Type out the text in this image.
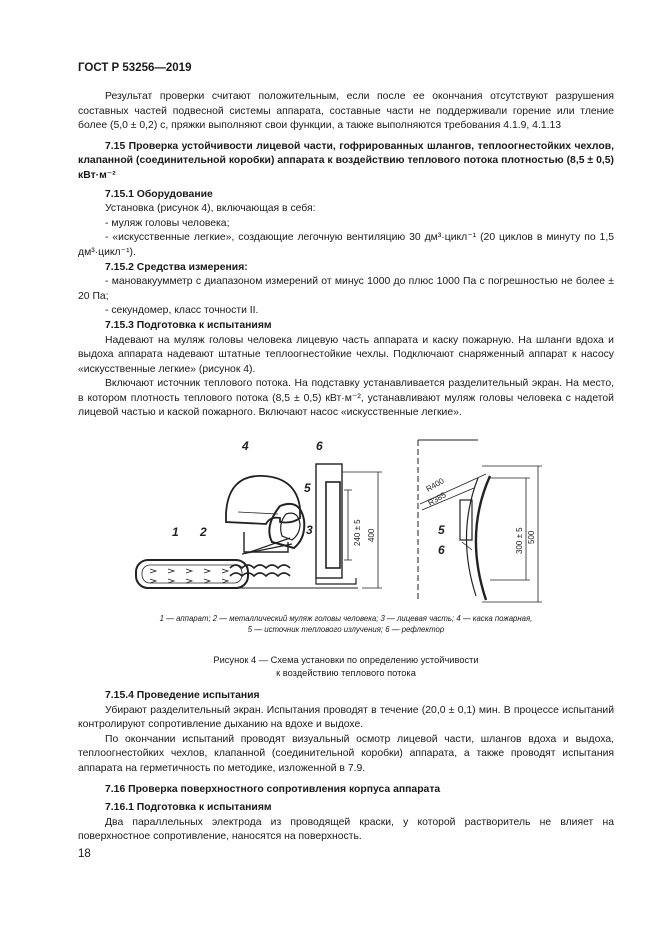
ГОСТ Р 53256—2019

Результат проверки считают положительным, если после ее окончания отсутствуют разрушения составных частей подвесной системы аппарата, составные части не поддерживали горение или тление более (5,0 ± 0,2) с, пряжки выполняют свои функции, а также выполняются требования 4.1.9, 4.1.13

7.15 Проверка устойчивости лицевой части, гофрированных шлангов, теплоогнестойких чехлов, клапанной (соединительной коробки) аппарата к воздействию теплового потока плотностью (8,5 ± 0,5) кВт·м⁻²

7.15.1 Оборудование

Установка (рисунок 4), включающая в себя:

- муляж головы человека;

- «искусственные легкие», создающие легочную вентиляцию 30 дм³·цикл⁻¹ (20 циклов в минуту по 1,5 дм³·цикл⁻¹).

7.15.2 Средства измерения:

- мановакуумметр с диапазоном измерений от минус 1000 до плюс 1000 Па с погрешностью не более ± 20 Па;

- секундомер, класс точности II.

7.15.3 Подготовка к испытаниям

Надевают на муляж головы человека лицевую часть аппарата и каску пожарную. На шланги вдоха и выдоха аппарата надевают штатные теплоогнестойкие чехлы. Подключают снаряженный аппарат к насосу «искусственные легкие» (рисунок 4).

Включают источник теплового потока. На подставку устанавливается разделительный экран. На место, в котором плотность теплового потока (8,5 ± 0,5) кВт·м⁻², устанавливают муляж головы человека с надетой лицевой частью и каской пожарного. Включают насос «искусственные легкие».

4	6
5
3
1 2	5
6
240 ± 5 400
R400
R385
300 ± 5 500
1 — аппарат; 2 — металлический муляж головы человека; 3 — лицевая часть; 4 — каска пожарная,
5 — источник теплового излучения; 6 — рефлектор
Рисунок 4 — Схема установки по определению устойчивости
к воздействию теплового потока

7.15.4 Проведение испытания

Убирают разделительный экран. Испытания проводят в течение (20,0 ± 0,1) мин. В процессе испытаний контролируют сопротивление дыханию на вдохе и выдохе.

По окончании испытаний проводят визуальный осмотр лицевой части, шлангов вдоха и выдоха, теплоогнестойких чехлов, клапанной (соединительной коробки) аппарата, а также проводят испытания аппарата на герметичность по методике, изложенной в 7.9.

7.16 Проверка поверхностного сопротивления корпуса аппарата

7.16.1 Подготовка к испытаниям

Два параллельных электрода из проводящей краски, у которой растворитель не влияет на поверхностное сопротивление, наносятся на поверхность.

18
